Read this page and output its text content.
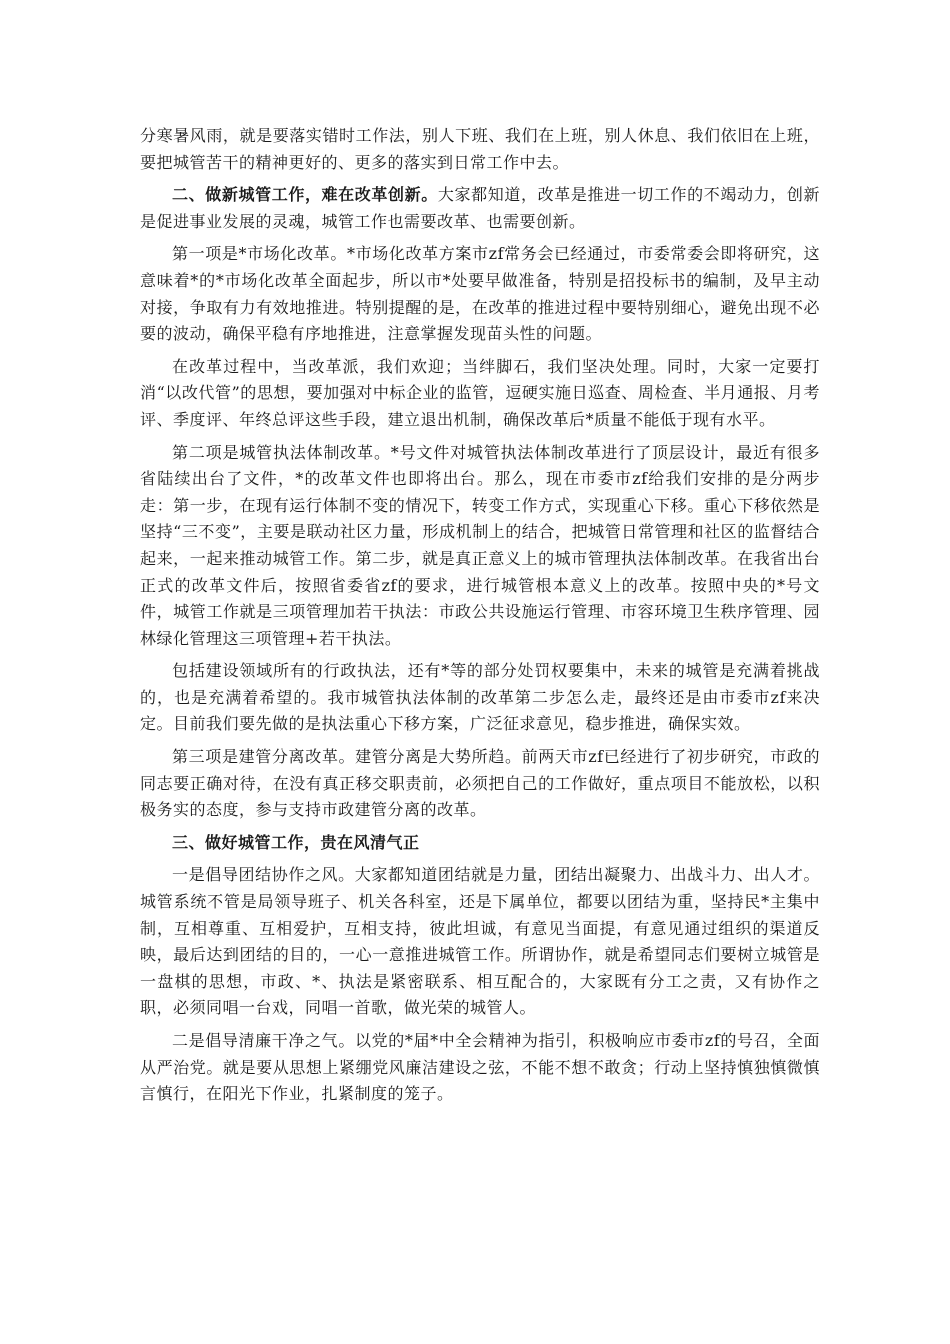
分寒暑风雨，就是要落实错时工作法，别人下班、我们在上班，别人休息、我们依旧在上班，要把城管苦干的精神更好的、更多的落实到日常工作中去。

二、做新城管工作，难在改革创新。大家都知道，改革是推进一切工作的不竭动力，创新是促进事业发展的灵魂，城管工作也需要改革、也需要创新。

第一项是*市场化改革。*市场化改革方案市zf常务会已经通过，市委常委会即将研究，这意味着*的*市场化改革全面起步，所以市*处要早做准备，特别是招投标书的编制，及早主动对接，争取有力有效地推进。特别提醒的是，在改革的推进过程中要特别细心，避免出现不必要的波动，确保平稳有序地推进，注意掌握发现苗头性的问题。

在改革过程中，当改革派，我们欢迎；当绊脚石，我们坚决处理。同时，大家一定要打消“以改代管”的思想，要加强对中标企业的监管，逗硬实施日巡查、周检查、半月通报、月考评、季度评、年终总评这些手段，建立退出机制，确保改革后*质量不能低于现有水平。

第二项是城管执法体制改革。*号文件对城管执法体制改革进行了顶层设计，最近有很多省陆续出台了文件，*的改革文件也即将出台。那么，现在市委市zf给我们安排的是分两步走：第一步，在现有运行体制不变的情况下，转变工作方式，实现重心下移。重心下移依然是坚持“三不变”，主要是联动社区力量，形成机制上的结合，把城管日常管理和社区的监督结合起来，一起来推动城管工作。第二步，就是真正意义上的城市管理执法体制改革。在我省出台正式的改革文件后，按照省委省zf的要求，进行城管根本意义上的改革。按照中央的*号文件，城管工作就是三项管理加若干执法：市政公共设施运行管理、市容环境卫生秩序管理、园林绿化管理这三项管理+若干执法。

包括建设领域所有的行政执法，还有*等的部分处罚权要集中，未来的城管是充满着挑战的，也是充满着希望的。我市城管执法体制的改革第二步怎么走，最终还是由市委市zf来决定。目前我们要先做的是执法重心下移方案，广泛征求意见，稳步推进，确保实效。

第三项是建管分离改革。建管分离是大势所趋。前两天市zf已经进行了初步研究，市政的同志要正确对待，在没有真正移交职责前，必须把自己的工作做好，重点项目不能放松，以积极务实的态度，参与支持市政建管分离的改革。

三、做好城管工作，贵在风清气正

一是倡导团结协作之风。大家都知道团结就是力量，团结出凝聚力、出战斗力、出人才。城管系统不管是局领导班子、机关各科室，还是下属单位，都要以团结为重，坚持民*主集中制，互相尊重、互相爱护，互相支持，彼此坦诚，有意见当面提，有意见通过组织的渠道反映，最后达到团结的目的，一心一意推进城管工作。所谓协作，就是希望同志们要树立城管是一盘棋的思想，市政、*、执法是紧密联系、相互配合的，大家既有分工之责，又有协作之职，必须同唱一台戏，同唱一首歌，做光荣的城管人。

二是倡导清廉干净之气。以党的*届*中全会精神为指引，积极响应市委市zf的号召，全面从严治党。就是要从思想上紧绷党风廉洁建设之弦，不能不想不敢贪；行动上坚持慎独慎微慎言慎行，在阳光下作业，扎紧制度的笼子。
